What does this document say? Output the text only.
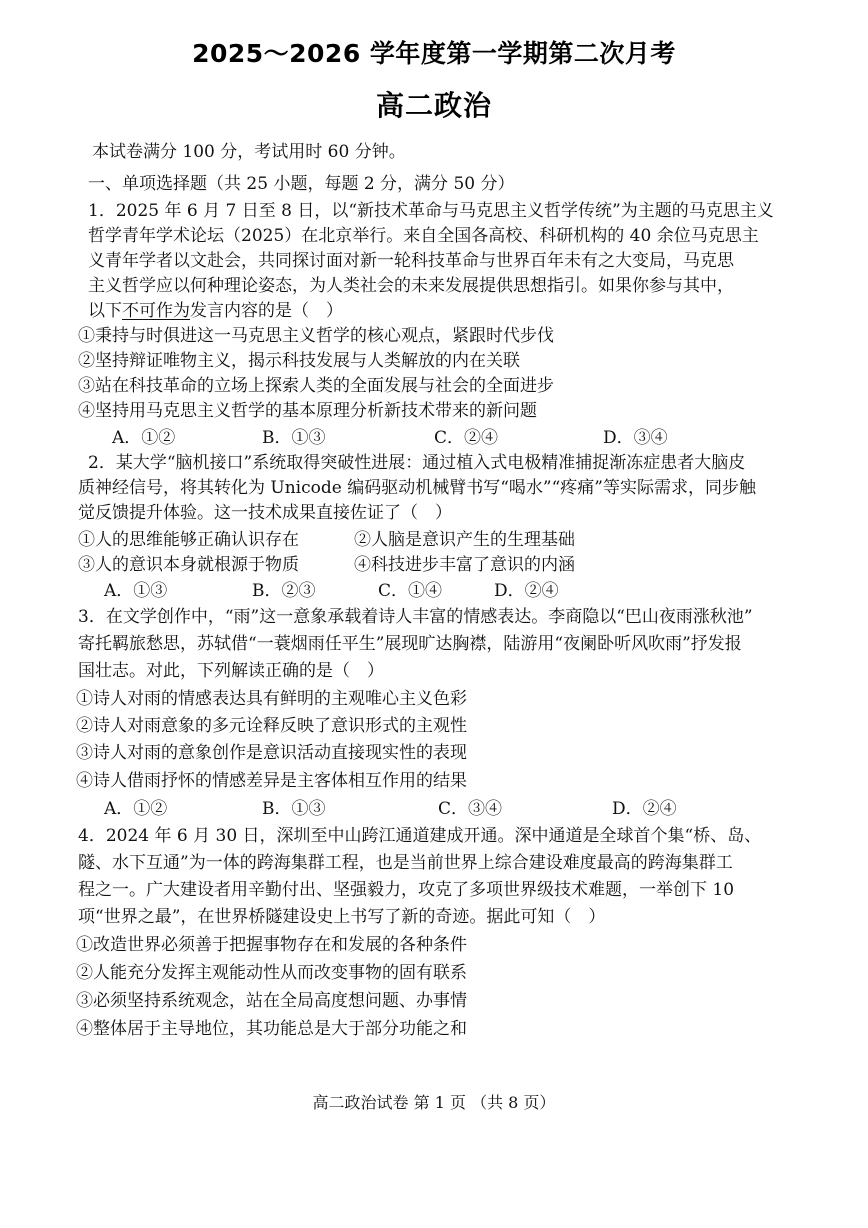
2025～2026 学年度第一学期第二次月考
高二政治
本试卷满分 100 分，考试用时 60 分钟。
一、单项选择题（共 25 小题，每题 2 分，满分 50 分）
1．2025 年 6 月 7 日至 8 日，以“新技术革命与马克思主义哲学传统”为主题的马克思主义
哲学青年学术论坛（2025）在北京举行。来自全国各高校、科研机构的 40 余位马克思主
义青年学者以文赴会，共同探讨面对新一轮科技革命与世界百年未有之大变局，马克思
主义哲学应以何种理论姿态，为人类社会的未来发展提供思想指引。如果你参与其中，
以下不可作为发言内容的是（　）
①秉持与时俱进这一马克思主义哲学的核心观点，紧跟时代步伐
②坚持辩证唯物主义，揭示科技发展与人类解放的内在关联
③站在科技革命的立场上探索人类的全面发展与社会的全面进步
④坚持用马克思主义哲学的基本原理分析新技术带来的新问题
A．①②	B．①③	C．②④	D．③④
2．某大学“脑机接口”系统取得突破性进展：通过植入式电极精准捕捉渐冻症患者大脑皮
质神经信号，将其转化为 Unicode 编码驱动机械臂书写“喝水”“疼痛”等实际需求，同步触
觉反馈提升体验。这一技术成果直接佐证了（　）
①人的思维能够正确认识存在	②人脑是意识产生的生理基础
③人的意识本身就根源于物质	④科技进步丰富了意识的内涵
A．①③	B．②③	C．①④	D．②④
3．在文学创作中，“雨”这一意象承载着诗人丰富的情感表达。李商隐以“巴山夜雨涨秋池”
寄托羁旅愁思，苏轼借“一蓑烟雨任平生”展现旷达胸襟，陆游用“夜阑卧听风吹雨”抒发报
国壮志。对此，下列解读正确的是（　）
①诗人对雨的情感表达具有鲜明的主观唯心主义色彩
②诗人对雨意象的多元诠释反映了意识形式的主观性
③诗人对雨的意象创作是意识活动直接现实性的表现
④诗人借雨抒怀的情感差异是主客体相互作用的结果
A．①②	B．①③	C．③④	D．②④
4．2024 年 6 月 30 日，深圳至中山跨江通道建成开通。深中通道是全球首个集“桥、岛、
隧、水下互通”为一体的跨海集群工程，也是当前世界上综合建设难度最高的跨海集群工
程之一。广大建设者用辛勤付出、坚强毅力，攻克了多项世界级技术难题，一举创下 10
项“世界之最”，在世界桥隧建设史上书写了新的奇迹。据此可知（　）
①改造世界必须善于把握事物存在和发展的各种条件
②人能充分发挥主观能动性从而改变事物的固有联系
③必须坚持系统观念，站在全局高度想问题、办事情
④整体居于主导地位，其功能总是大于部分功能之和
高二政治试卷 第 1 页 （共 8 页）
